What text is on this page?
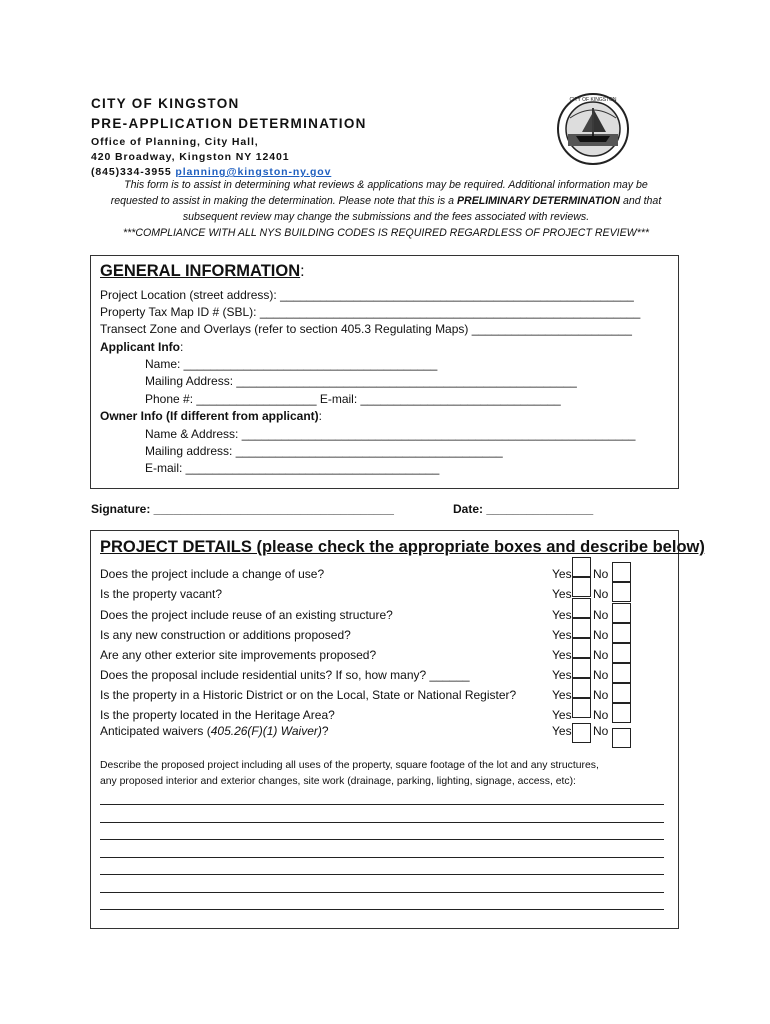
CITY OF KINGSTON
PRE-APPLICATION DETERMINATION
Office of Planning, City Hall,
420 Broadway, Kingston NY 12401
(845)334-3955 planning@kingston-ny.gov
CITY OF KINGSTON
This form is to assist in determining what reviews & applications may be required. Additional information may be
requested to assist in making the determination. Please note that this is a PRELIMINARY DETERMINATION and that
subsequent review may change the submissions and the fees associated with reviews.
***COMPLIANCE WITH ALL NYS BUILDING CODES IS REQUIRED REGARDLESS OF PROJECT REVIEW***
GENERAL INFORMATION:
Project Location (street address): _____________________________________________________
Property Tax Map ID # (SBL): _________________________________________________________
Transect Zone and Overlays (refer to section 405.3 Regulating Maps) ________________________
Applicant Info:
Name: ______________________________________
Mailing Address: ___________________________________________________
Phone #: __________________ E-mail: ______________________________
Owner Info (If different from applicant):
Name & Address: ___________________________________________________________
Mailing address: ________________________________________
E-mail: ______________________________________
Signature: ____________________________________	Date: ________________
PROJECT DETAILS (please check the appropriate boxes and describe below)
Does the project include a change of use?	Yes No
Is the property vacant?	Yes No
Does the project include reuse of an existing structure?	Yes No
Is any new construction or additions proposed?	Yes No
Are any other exterior site improvements proposed?	Yes No
Does the proposal include residential units? If so, how many? ______	Yes No
Is the property in a Historic District or on the Local, State or National Register?	Yes No
Is the property located in the Heritage Area?	Yes No
Anticipated waivers (405.26(F)(1) Waiver)?	Yes No
Describe the proposed project including all uses of the property, square footage of the lot and any structures,
any proposed interior and exterior changes, site work (drainage, parking, lighting, signage, access, etc):
